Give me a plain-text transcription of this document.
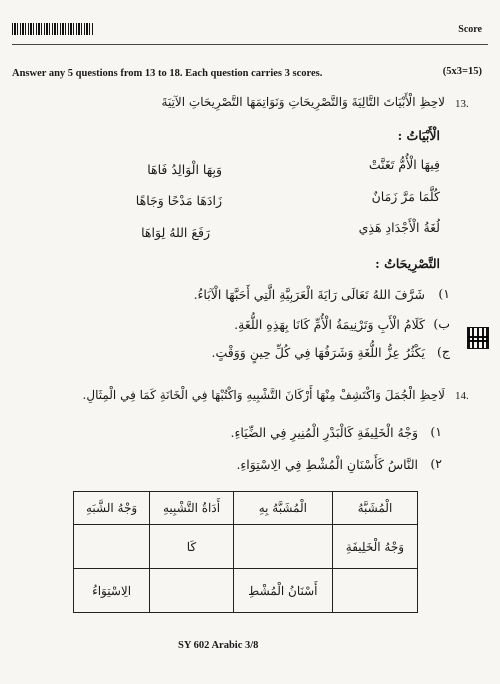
Score
Answer any 5 questions from 13 to 18. Each question carries 3 scores.	(5x3=15)
13.
لاحِظِ الْأَبْيَاتَ التَّالِيَةَ وَالتَّصْرِيحَاتِ وَنَوَاتِمَهَا التَّصْرِيحَاتِ الآتِيَةَ
الْأَبْيَاتُ :
فِيهَا الْأُمُّ تَغَنَّتْ
وَبِهَا الْوَالِدُ فَاهَا
كُلَّمَا مَرَّ زَمَانٌ
زَادَهَا مَدْحًا وَجَاهًا
لُغَةُ الْأَجْدَادِ هَذِي
رَفَعَ اللهُ لِوَاهَا
التَّصْرِيحَاتُ :
١)
شَرَّفَ اللهُ تَعَالَى رَايَةَ الْعَرَبِيَّةِ الَّتِي أَحَبَّهَا الْآبَاءُ.
ب)
كَلَامُ الْأَبِ وَتَرْنِيمَةُ الْأُمِّ كَانَا بِهَذِهِ اللُّغَةِ.
ج)
يَكْثُرُ عِزُّ اللُّغَةِ وَشَرَفُهَا فِي كُلِّ حِينٍ وَوَقْتٍ.
14.
لَاحِظِ الْجُمَلَ وَاكْتَشِفْ مِنْهَا أَرْكَانَ التَّشْبِيهِ وَاكْتُبْهَا فِي الْخَانَةِ كَمَا فِي الْمِثَالِ.
١)
وَجْهُ الْخَلِيفَةِ كَالْبَدْرِ الْمُنِيرِ فِي الضِّيَاءِ.
٢)
النَّاسُ كَأَسْنَانِ الْمُشْطِ فِي الِاسْتِوَاءِ.
الْمُشَبَّهُ	الْمُشَبَّهُ بِهِ	أَدَاةُ التَّشْبِيهِ	وَجْهُ الشَّبَهِ
وَجْهُ الْخَلِيفَةِ		كَا	
	أَسْنَانُ الْمُشْطِ		الِاسْتِوَاءُ
SY 602 Arabic 3/8
